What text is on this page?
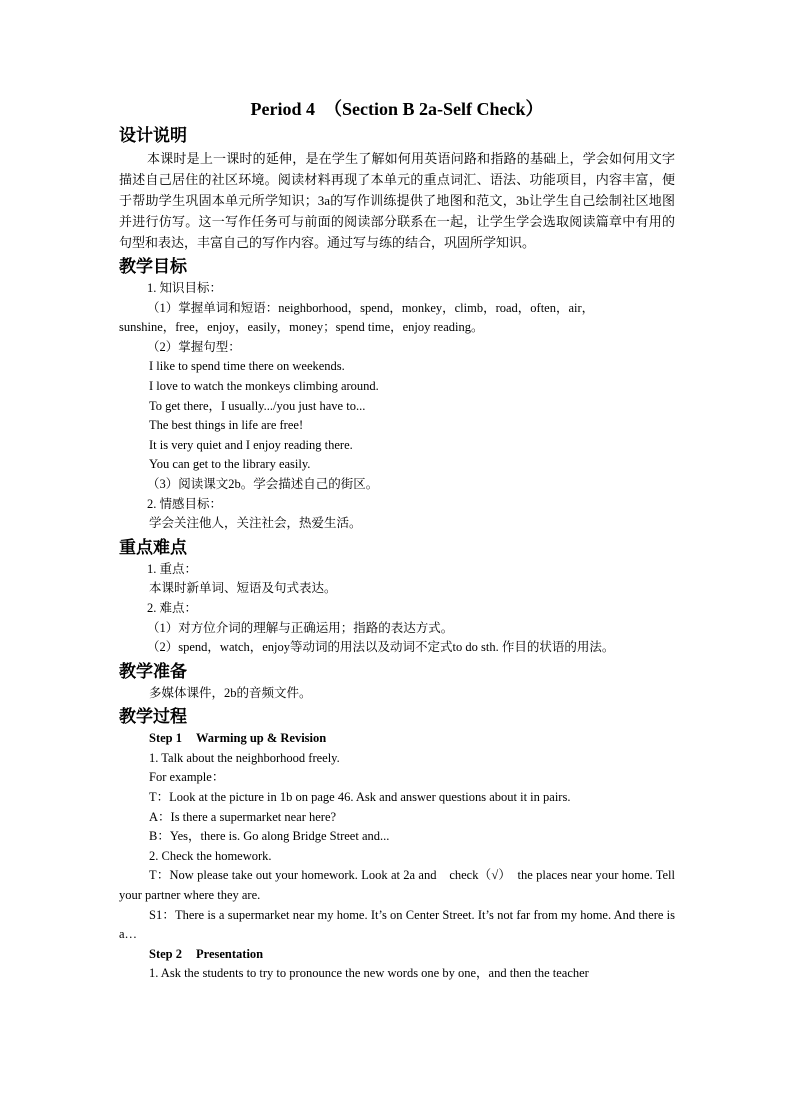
Period 4　（Section B 2a-Self Check）
设计说明

本课时是上一课时的延伸，是在学生了解如何用英语问路和指路的基础上，学会如何用文字描述自己居住的社区环境。阅读材料再现了本单元的重点词汇、语法、功能项目，内容丰富，便于帮助学生巩固本单元所学知识；3a的写作训练提供了地图和范文，3b让学生自己绘制社区地图并进行仿写。这一写作任务可与前面的阅读部分联系在一起，让学生学会选取阅读篇章中有用的句型和表达，丰富自己的写作内容。通过写与练的结合，巩固所学知识。

教学目标

1. 知识目标：

（1）掌握单词和短语：neighborhood，spend，monkey，climb，road，often，air，

sunshine，free，enjoy，easily，money；spend time，enjoy reading。

（2）掌握句型：

I like to spend time there on weekends.

I love to watch the monkeys climbing around.

To get there，I usually.../you just have to...

The best things in life are free!

It is very quiet and I enjoy reading there.

You can get to the library easily.

（3）阅读课文2b。学会描述自己的街区。

2. 情感目标：

学会关注他人，关注社会，热爱生活。

重点难点

1. 重点：

本课时新单词、短语及句式表达。

2. 难点：

（1）对方位介词的理解与正确运用；指路的表达方式。

（2）spend，watch，enjoy等动词的用法以及动词不定式to do sth. 作目的状语的用法。

教学准备

多媒体课件，2b的音频文件。

教学过程

Step 1 Warming up & Revision

1. Talk about the neighborhood freely.

For example：

T：Look at the picture in 1b on page 46. Ask and answer questions about it in pairs.

A：Is there a supermarket near here?

B：Yes，there is. Go along Bridge Street and...

2. Check the homework.

T：Now please take out your homework. Look at 2a and　check（√）　the places near your home. Tell your partner where they are.

S1：There is a supermarket near my home. It’s on Center Street. It’s not far from my home. And there is a…

Step 2 Presentation

1. Ask the students to try to pronounce the new words one by one，and then the teacher
